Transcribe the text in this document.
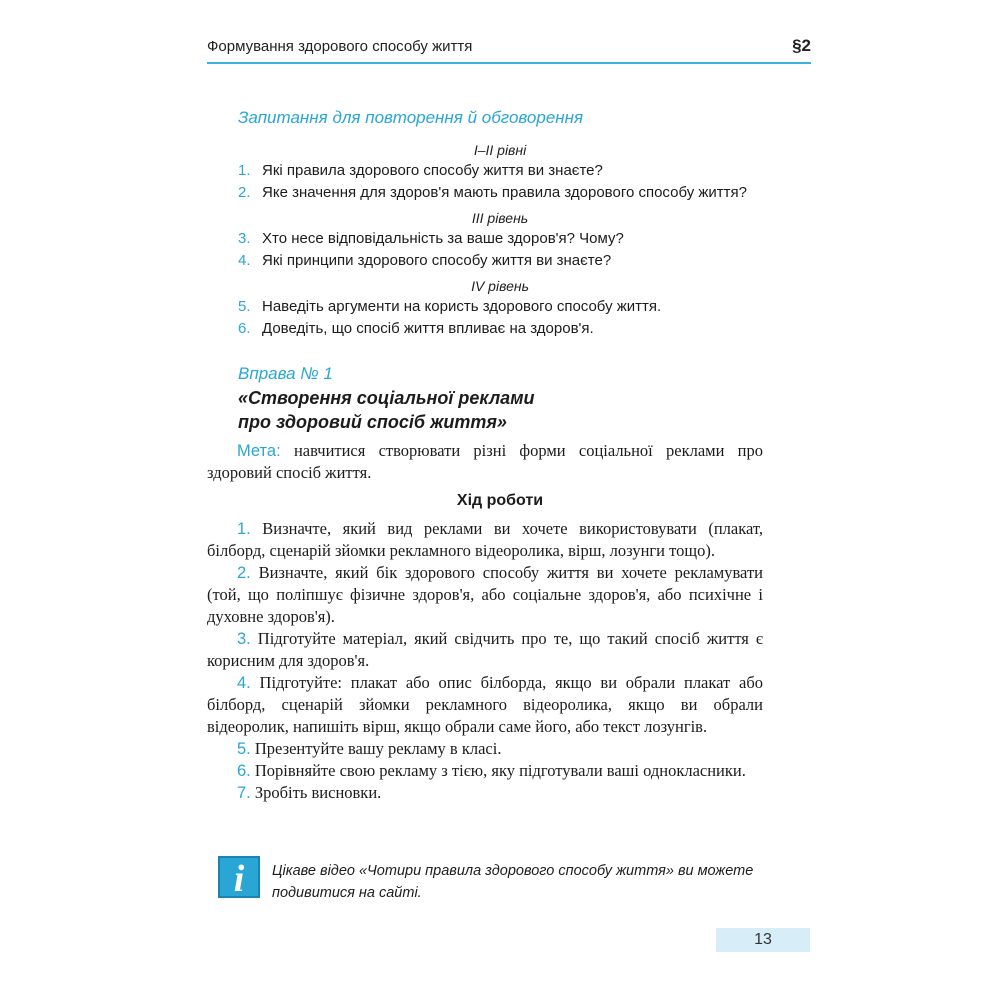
Формування здорового способу життя	§2
Запитання для повторення й обговорення
I–II рівні
1. Які правила здорового способу життя ви знаєте?
2. Яке значення для здоров'я мають правила здорового способу життя?
III рівень
3. Хто несе відповідальність за ваше здоров'я? Чому?
4. Які принципи здорового способу життя ви знаєте?
IV рівень
5. Наведіть аргументи на користь здорового способу життя.
6. Доведіть, що спосіб життя впливає на здоров'я.
Вправа № 1
«Створення соціальної реклами
про здоровий спосіб життя»

Мета: навчитися створювати різні форми соціальної реклами про здоровий спосіб життя.

Хід роботи

1. Визначте, який вид реклами ви хочете використовувати (плакат, білборд, сценарій зйомки рекламного відеоролика, вірш, лозунги тощо).

2. Визначте, який бік здорового способу життя ви хочете рекламувати (той, що поліпшує фізичне здоров'я, або соціальне здоров'я, або психічне і духовне здоров'я).

3. Підготуйте матеріал, який свідчить про те, що такий спосіб життя є корисним для здоров'я.

4. Підготуйте: плакат або опис білборда, якщо ви обрали плакат або білборд, сценарій зйомки рекламного відеоролика, якщо ви обрали відеоролик, напишіть вірш, якщо обрали саме його, або текст лозунгів.

5. Презентуйте вашу рекламу в класі.

6. Порівняйте свою рекламу з тією, яку підготували ваші однокласники.

7. Зробіть висновки.

i	Цікаве відео «Чотири правила здорового способу життя» ви можете подивитися на сайті.
13
